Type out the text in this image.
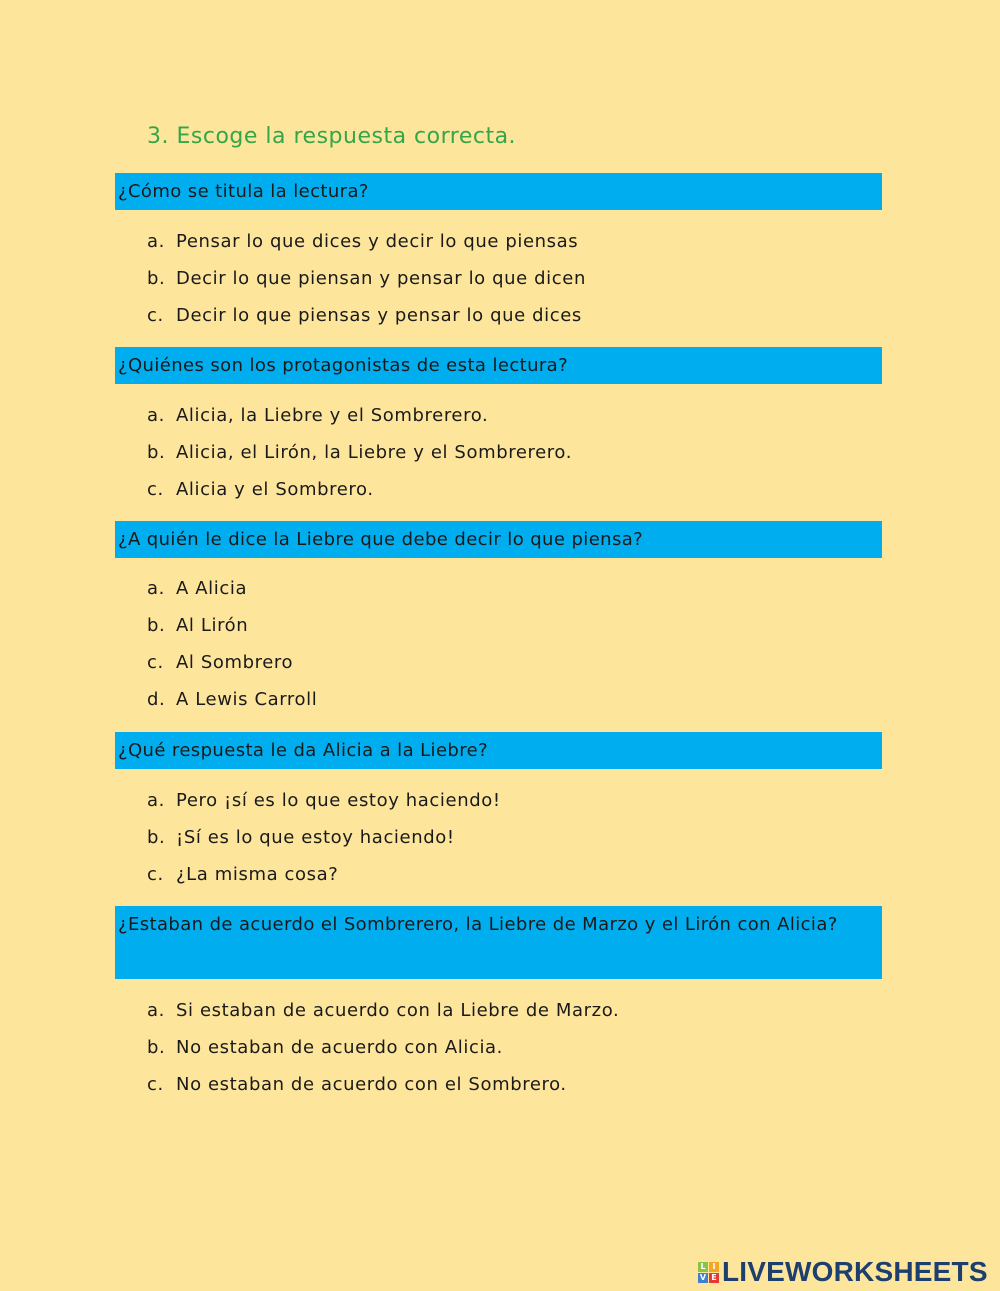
3. Escoge la respuesta correcta.
¿Cómo se titula la lectura?
a. Pensar lo que dices y decir lo que piensas
b. Decir lo que piensan y pensar lo que dicen
c. Decir lo que piensas y pensar lo que dices
¿Quiénes son los protagonistas de esta lectura?
a. Alicia, la Liebre y el Sombrerero.
b. Alicia, el Lirón, la Liebre y el Sombrerero.
c. Alicia y el Sombrero.
¿A quién le dice la Liebre que debe decir lo que piensa?
a. A Alicia
b. Al Lirón
c. Al Sombrero
d. A Lewis Carroll
¿Qué respuesta le da Alicia a la Liebre?
a. Pero ¡sí es lo que estoy haciendo!
b. ¡Sí es lo que estoy haciendo!
c. ¿La misma cosa?
¿Estaban de acuerdo el Sombrerero, la Liebre de Marzo y el Lirón con Alicia?
a. Si estaban de acuerdo con la Liebre de Marzo.
b. No estaban de acuerdo con Alicia.
c. No estaban de acuerdo con el Sombrero.
L I
V E LIVEWORKSHEETS
